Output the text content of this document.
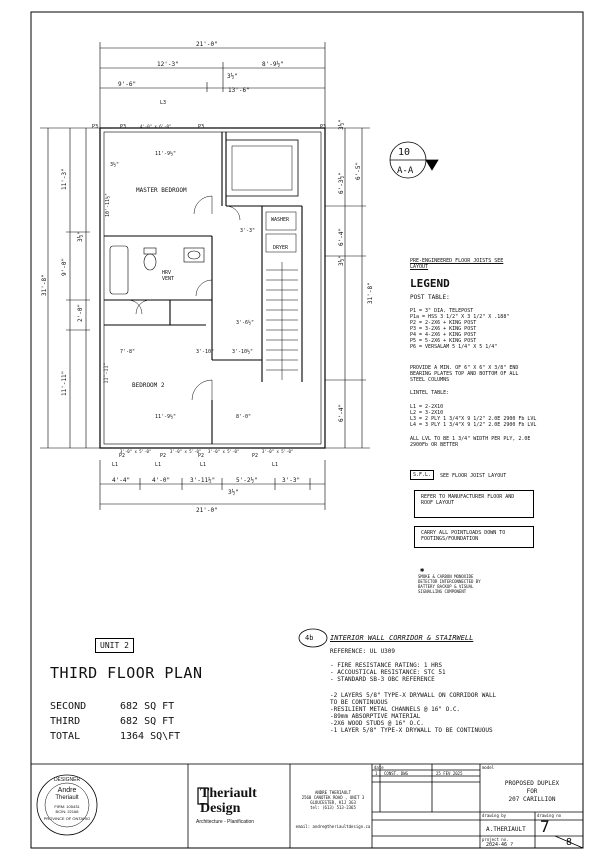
21'-0"
12'-3"	8'-9½"
3½"
9'-6"
13'-6"
11'-3"
3½"
9'-0"
2'-0"
11'-11"
31'-8"
6'-3½"
6'-5"
6'-4"
3½"
31'-8"
6'-4"
3½"
4'-4"	4'-0"	3'-11½"	5'-2½"	3'-3"
3½"
21'-0"
10
A-A
MASTER BEDROOM
BEDROOM 2
WASHER
DRYER
HRV
VENT
11'-9½"
3½"
10'-11½"
7'-8"	3'-10"	3'-10½"
11'-9½"
11'-11"
3'-6½"
8'-0"
3'-3"
P3	P3	P3
P2	P2	P2	P2
P3
L3
L1	L1	L1	L1
4'-0" x 6'-0"
3'-0" x 5'-0"	3'-0" x 5'-0" 3'-0" x 5'-0"	3'-0" x 5'-0"
PRE-ENGINEERED FLOOR JOISTS SEE LAYOUT
LEGEND
POST TABLE:
P1 = 3" DIA. TELEPOST
P1a = HSS 3 1/2" X 3 1/2" X .188"
P2 = 2-2X6 + KING POST
P3 = 3-2X6 + KING POST
P4 = 4-2X6 + KING POST
P5 = 5-2X6 + KING POST
P6 = VERSALAM 5 1/4" X 5 1/4"
PROVIDE A MIN. OF 6" X 6" X 3/8" END BEARING PLATES TOP AND BOTTOM OF ALL STEEL COLUMNS
LINTEL TABLE:
L1 = 2-2X10
L2 = 3-2X10
L3 = 2 PLY 1 3/4"X 9 1/2" 2.0E 2900 Fb LVL
L4 = 3 PLY 1 3/4"X 9 1/2" 2.0E 2900 Fb LVL
ALL LVL TO BE 1 3/4" WIDTH PER PLY, 2.0E 2900Fb OR BETTER
S.F.L.	SEE FLOOR JOIST LAYOUT
REFER TO MANUFACTURER FLOOR AND ROOF LAYOUT
CARRY ALL POINTLOADS DOWN TO FOOTINGS/FOUNDATION
✱
SMOKE & CARBON MONOXIDE DETECTOR INTERCONNECTED BY BATTERY BACKUP & VISUAL SIGNALLING COMPONENT
4b INTERIOR WALL CORRIDOR & STAIRWELL
REFERENCE: UL U309
- FIRE RESISTANCE RATING: 1 HRS
- ACCOUSTICAL RESISTANCE: STC 51
- STANDARD SB-3 OBC REFERENCE
-2 LAYERS 5/8" TYPE-X DRYWALL ON CORRIDOR WALL
TO BE CONTINUOUS
-RESILIENT METAL CHANNELS @ 16" O.C.
-89mm ABSORPTIVE MATERIAL
-2X6 WOOD STUDS @ 16" O.C.
-1 LAYER 5/8" TYPE-X DRYWALL TO BE CONTINUOUS
UNIT 2
THIRD FLOOR PLAN
SECOND	682 SQ FT
THIRD	682 SQ FT
TOTAL	1364 SQ\FT
DESIGNER
Andre
Theriault
FIRM: 105431
BCIN: 22168
PROVINCE OF ONTARIO
Theriault Design
Architecture - Planification
ANDRE THERIAULT
2560 CANOTEK ROAD , UNIT 3
GLOUCESTER, K1J 3G3
tel: (613) 513-2365
email: andre@theriaultdesign.ca
date	model
1 CONST. DWG	25 FEV 2025
PROPOSED DUPLEX
FOR
207 CARILLION
drawing by	drawing no
A.THERIAULT
project no.
2024-46 ?
7
8
